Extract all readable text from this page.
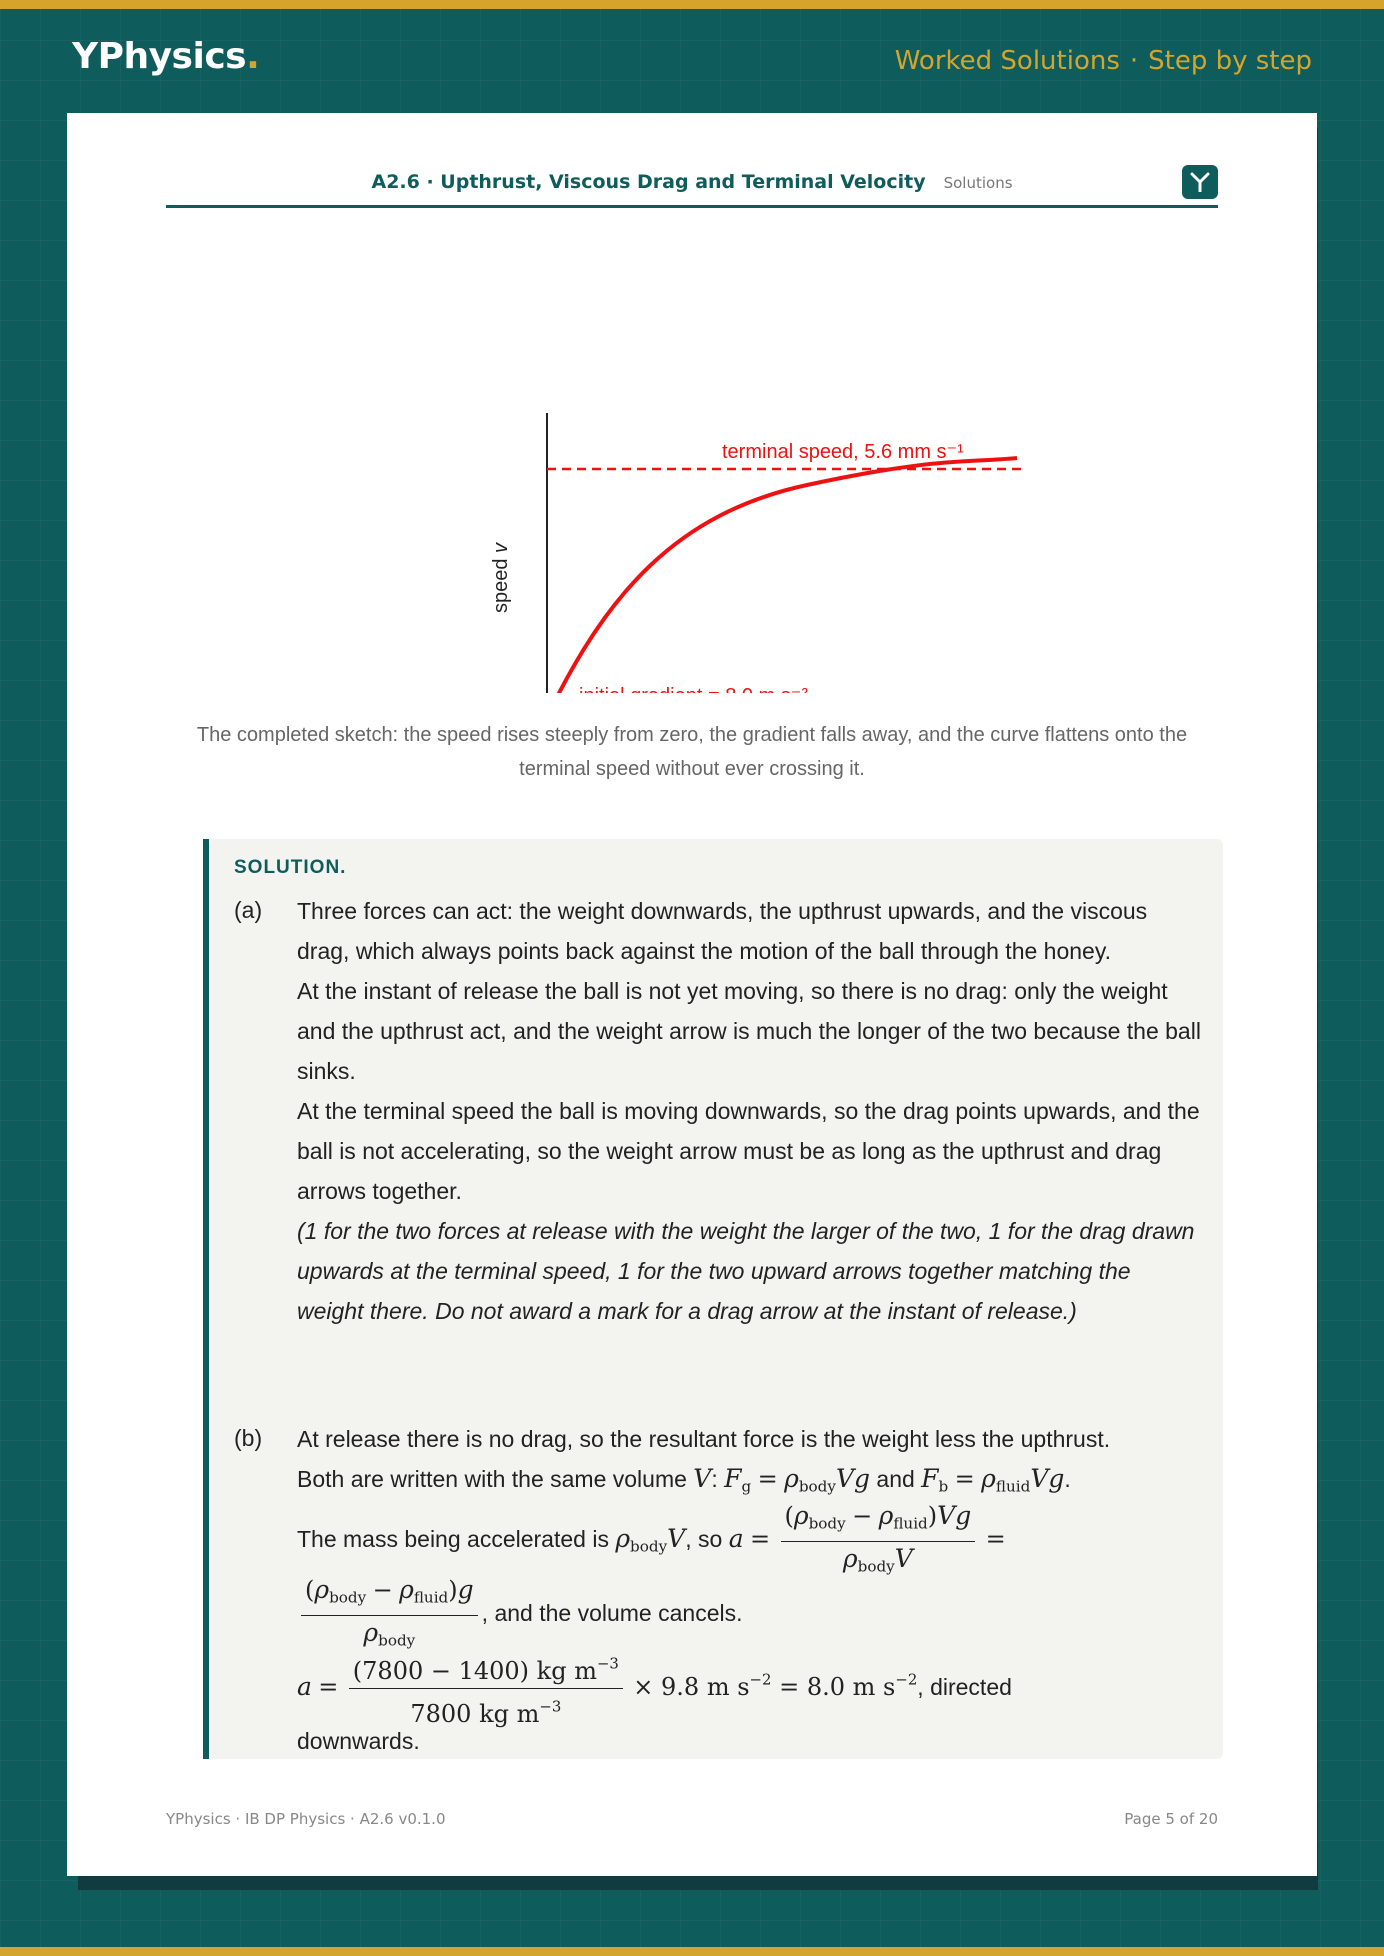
YPhysics.	Worked Solutions · Step by step
A2.6 · Upthrust, Viscous Drag and Terminal Velocity Solutions
terminal speed, 5.6 mm s⁻¹
speed v
The completed sketch: the speed rises steeply from zero, the gradient falls away, and the curve flattens onto the terminal speed without ever crossing it.
SOLUTION.
(a) Three forces can act: the weight downwards, the upthrust upwards, and the viscous drag, which always points back against the motion of the ball through the honey.

At the instant of release the ball is not yet moving, so there is no drag: only the weight and the upthrust act, and the weight arrow is much the longer of the two because the ball sinks.

At the terminal speed the ball is moving downwards, so the drag points upwards, and the ball is not accelerating, so the weight arrow must be as long as the upthrust and drag arrows together.

(1 for the two forces at release with the weight the larger of the two, 1 for the drag drawn upwards at the terminal speed, 1 for the two upward arrows together matching the weight there. Do not award a mark for a drag arrow at the instant of release.)

(b) At release there is no drag, so the resultant force is the weight less the upthrust.
Both are written with the same volume V: $F_g = \rho_{body}Vg$ and $F_b = \rho_{fluid}Vg$.
The mass being accelerated is $\rho_{body}V$, so $a = \frac{(\rho_{body} - \rho_{fluid})Vg}{\rho_{body}V}$ =
$\frac{(\rho_{body} - \rho_{fluid})g}{\rho_{body}}$ , and the volume cancels.
$a = \frac{(7800 - 1400) kg m^{-3}}{7800 kg m^{-3}} \times 9.8$ m $s^{-2} = 8.0$ m $s^{-2}$, directed
downwards.
YPhysics · IB DP Physics · A2.6 v0.1.0	Page 5 of 20
